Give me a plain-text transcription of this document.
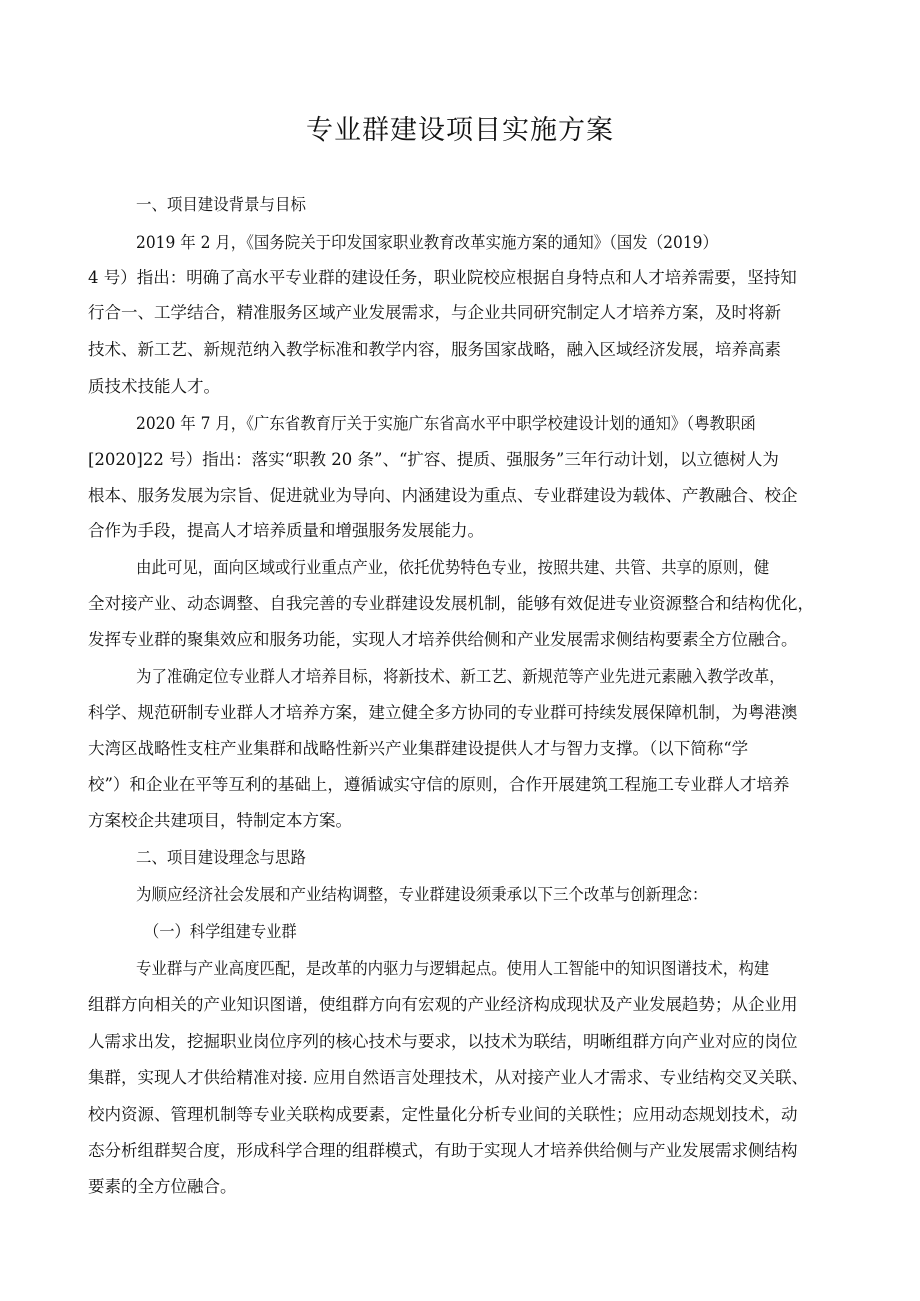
专业群建设项目实施方案
一、项目建设背景与目标
2019 年 2 月，《国务院关于印发国家职业教育改革实施方案的通知》（国发（2019）
4 号）指出：明确了高水平专业群的建设任务，职业院校应根据自身特点和人才培养需要，坚持知
行合一、工学结合，精准服务区域产业发展需求，与企业共同研究制定人才培养方案，及时将新
技术、新工艺、新规范纳入教学标准和教学内容，服务国家战略，融入区域经济发展，培养高素
质技术技能人才。
2020 年 7 月，《广东省教育厅关于实施广东省高水平中职学校建设计划的通知》（粤教职函
[2020]22 号）指出：落实“职教 20 条”、“扩容、提质、强服务”三年行动计划，以立德树人为
根本、服务发展为宗旨、促进就业为导向、内涵建设为重点、专业群建设为载体、产教融合、校企
合作为手段，提高人才培养质量和增强服务发展能力。
由此可见，面向区域或行业重点产业，依托优势特色专业，按照共建、共管、共享的原则，健
全对接产业、动态调整、自我完善的专业群建设发展机制，能够有效促进专业资源整合和结构优化，
发挥专业群的聚集效应和服务功能，实现人才培养供给侧和产业发展需求侧结构要素全方位融合。
为了准确定位专业群人才培养目标，将新技术、新工艺、新规范等产业先进元素融入教学改革，
科学、规范研制专业群人才培养方案，建立健全多方协同的专业群可持续发展保障机制，为粤港澳
大湾区战略性支柱产业集群和战略性新兴产业集群建设提供人才与智力支撑。（以下简称“学
校”）和企业在平等互利的基础上，遵循诚实守信的原则，合作开展建筑工程施工专业群人才培养
方案校企共建项目，特制定本方案。
二、项目建设理念与思路
为顺应经济社会发展和产业结构调整，专业群建设须秉承以下三个改革与创新理念：
（一）科学组建专业群
专业群与产业高度匹配，是改革的内驱力与逻辑起点。使用人工智能中的知识图谱技术，构建
组群方向相关的产业知识图谱，使组群方向有宏观的产业经济构成现状及产业发展趋势；从企业用
人需求出发，挖掘职业岗位序列的核心技术与要求，以技术为联结，明晰组群方向产业对应的岗位
集群，实现人才供给精准对接. 应用自然语言处理技术，从对接产业人才需求、专业结构交叉关联、
校内资源、管理机制等专业关联构成要素，定性量化分析专业间的关联性；应用动态规划技术，动
态分析组群契合度，形成科学合理的组群模式，有助于实现人才培养供给侧与产业发展需求侧结构
要素的全方位融合。
